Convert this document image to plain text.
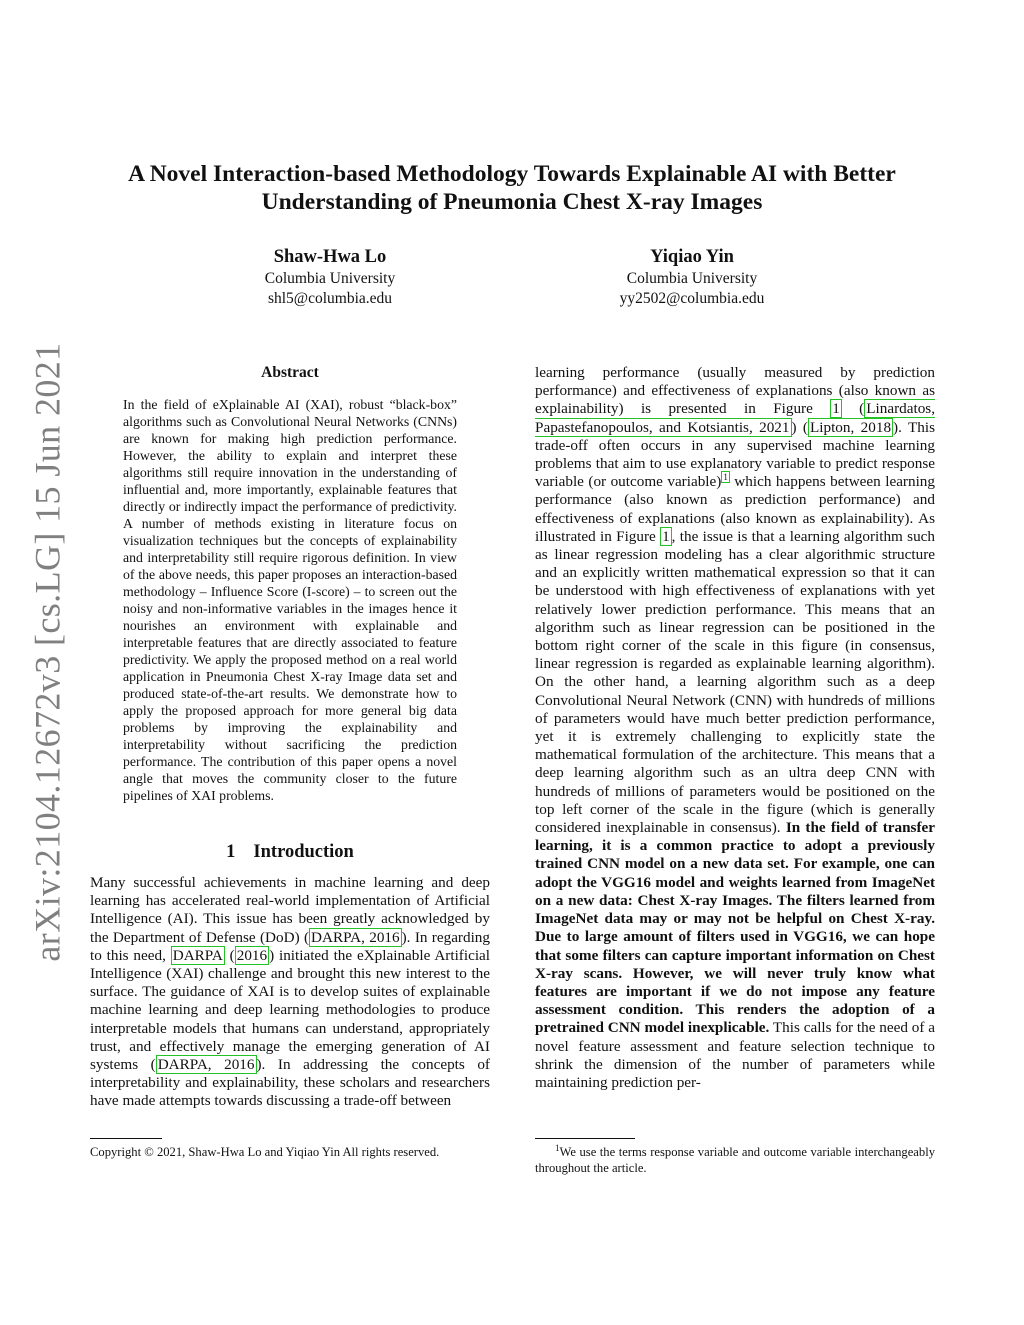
arXiv:2104.12672v3 [cs.LG] 15 Jun 2021
A Novel Interaction-based Methodology Towards Explainable AI with Better Understanding of Pneumonia Chest X-ray Images
Shaw-Hwa Lo
Columbia University
shl5@columbia.edu
Yiqiao Yin
Columbia University
yy2502@columbia.edu
Abstract
In the field of eXplainable AI (XAI), robust “black-box” algorithms such as Convolutional Neural Networks (CNNs) are known for making high prediction performance. However, the ability to explain and interpret these algorithms still require innovation in the understanding of influential and, more importantly, explainable features that directly or indirectly impact the performance of predictivity. A number of methods existing in literature focus on visualization techniques but the concepts of explainability and interpretability still require rigorous definition. In view of the above needs, this paper proposes an interaction-based methodology – Influence Score (I-score) – to screen out the noisy and non-informative variables in the images hence it nourishes an environment with explainable and interpretable features that are directly associated to feature predictivity. We apply the proposed method on a real world application in Pneumonia Chest X-ray Image data set and produced state-of-the-art results. We demonstrate how to apply the proposed approach for more general big data problems by improving the explainability and interpretability without sacrificing the prediction performance. The contribution of this paper opens a novel angle that moves the community closer to the future pipelines of XAI problems.
1 Introduction
Many successful achievements in machine learning and deep learning has accelerated real-world implementation of Artificial Intelligence (AI). This issue has been greatly acknowledged by the Department of Defense (DoD) ( DARPA, 2016 ). In regarding to this need, DARPA ( 2016 ) initiated the eXplainable Artificial Intelligence (XAI) challenge and brought this new interest to the surface. The guidance of XAI is to develop suites of explainable machine learning and deep learning methodologies to produce interpretable models that humans can understand, appropriately trust, and effectively manage the emerging generation of AI systems ( DARPA, 2016 ). In addressing the concepts of interpretability and explainability, these scholars and researchers have made attempts towards discussing a trade-off between
learning performance (usually measured by prediction performance) and effectiveness of explanations (also known as explainability) is presented in Figure 1 ( Linardatos, Papastefanopoulos, and Kotsiantis, 2021 ) ( Lipton, 2018 ). This trade-off often occurs in any supervised machine learning problems that aim to use explanatory variable to predict response variable (or outcome variable) $^1$ which happens between learning performance (also known as prediction performance) and effectiveness of explanations (also known as explainability). As illustrated in Figure 1 , the issue is that a learning algorithm such as linear regression modeling has a clear algorithmic structure and an explicitly written mathematical expression so that it can be understood with high effectiveness of explanations with yet relatively lower prediction performance. This means that an algorithm such as linear regression can be positioned in the bottom right corner of the scale in this figure (in consensus, linear regression is regarded as explainable learning algorithm). On the other hand, a learning algorithm such as a deep Convolutional Neural Network (CNN) with hundreds of millions of parameters would have much better prediction performance, yet it is extremely challenging to explicitly state the mathematical formulation of the architecture. This means that a deep learning algorithm such as an ultra deep CNN with hundreds of millions of parameters would be positioned on the top left corner of the scale in the figure (which is generally considered inexplainable in consensus). In the field of transfer learning, it is a common practice to adopt a previously trained CNN model on a new data set. For example, one can adopt the VGG16 model and weights learned from ImageNet on a new data: Chest X-ray Images. The filters learned from ImageNet data may or may not be helpful on Chest X-ray. Due to large amount of filters used in VGG16, we can hope that some filters can capture important information on Chest X-ray scans. However, we will never truly know what features are important if we do not impose any feature assessment condition. This renders the adoption of a pretrained CNN model inexplicable. This calls for the need of a novel feature assessment and feature selection technique to shrink the dimension of the number of parameters while maintaining prediction per-
Copyright © 2021, Shaw-Hwa Lo and Yiqiao Yin All rights reserved.	$^1$We use the terms response variable and outcome variable interchangeably throughout the article.
